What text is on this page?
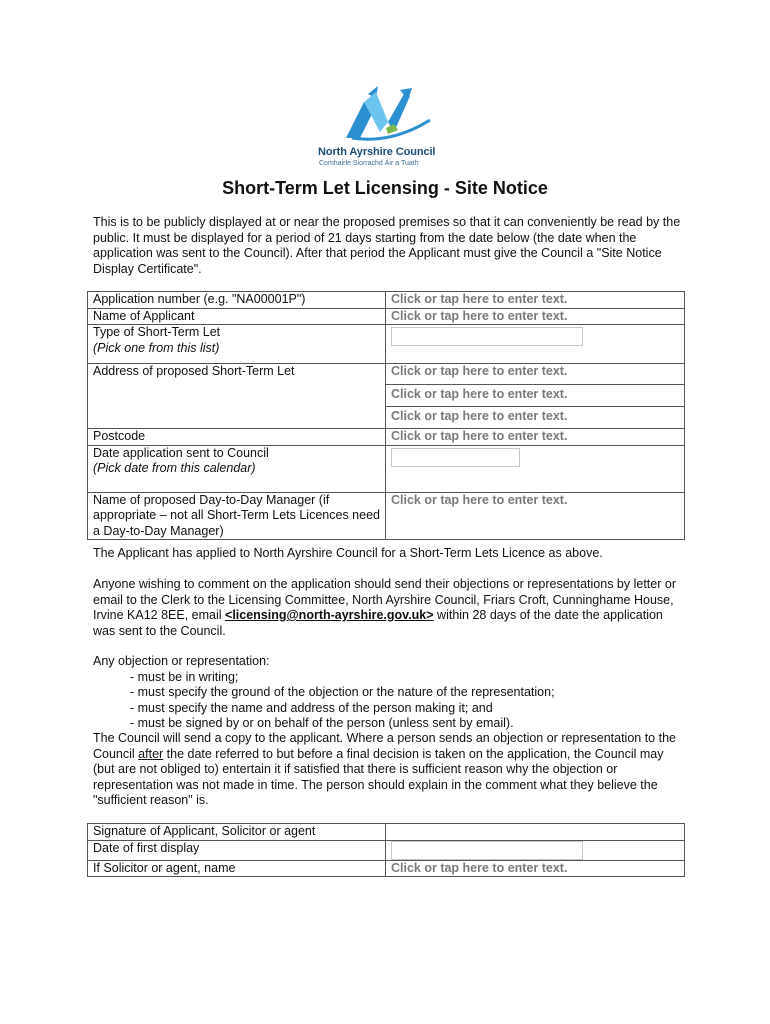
North Ayrshire Council
Comhairle Siorrachd Àir a Tuath
Short-Term Let Licensing - Site Notice
This is to be publicly displayed at or near the proposed premises so that it can conveniently be read by the public. It must be displayed for a period of 21 days starting from the date below (the date when the application was sent to the Council). After that period the Applicant must give the Council a "Site Notice Display Certificate".
Application number (e.g. "NA00001P")	Click or tap here to enter text.
Name of Applicant	Click or tap here to enter text.

Type of Short-Term Let
(Pick one from this list)	

Address of proposed Short-Term Let	Click or tap here to enter text.
	Click or tap here to enter text.
	Click or tap here to enter text.
Postcode	Click or tap here to enter text.

Date application sent to Council
(Pick date from this calendar)	

Name of proposed Day-to-Day Manager (if appropriate – not all Short-Term Lets Licences need a Day-to-Day Manager)	Click or tap here to enter text.
The Applicant has applied to North Ayrshire Council for a Short-Term Lets Licence as above.
Anyone wishing to comment on the application should send their objections or representations by letter or email to the Clerk to the Licensing Committee, North Ayrshire Council, Friars Croft, Cunninghame House, Irvine KA12 8EE, email <licensing@north-ayrshire.gov.uk> within 28 days of the date the application was sent to the Council.
Any objection or representation:
- must be in writing;
- must specify the ground of the objection or the nature of the representation;
- must specify the name and address of the person making it; and
- must be signed by or on behalf of the person (unless sent by email).
The Council will send a copy to the applicant. Where a person sends an objection or representation to the Council after the date referred to but before a final decision is taken on the application, the Council may (but are not obliged to) entertain it if satisfied that there is sufficient reason why the objection or representation was not made in time. The person should explain in the comment what they believe the "sufficient reason" is.
Signature of Applicant, Solicitor or agent	
Date of first display	

If Solicitor or agent, name	Click or tap here to enter text.
